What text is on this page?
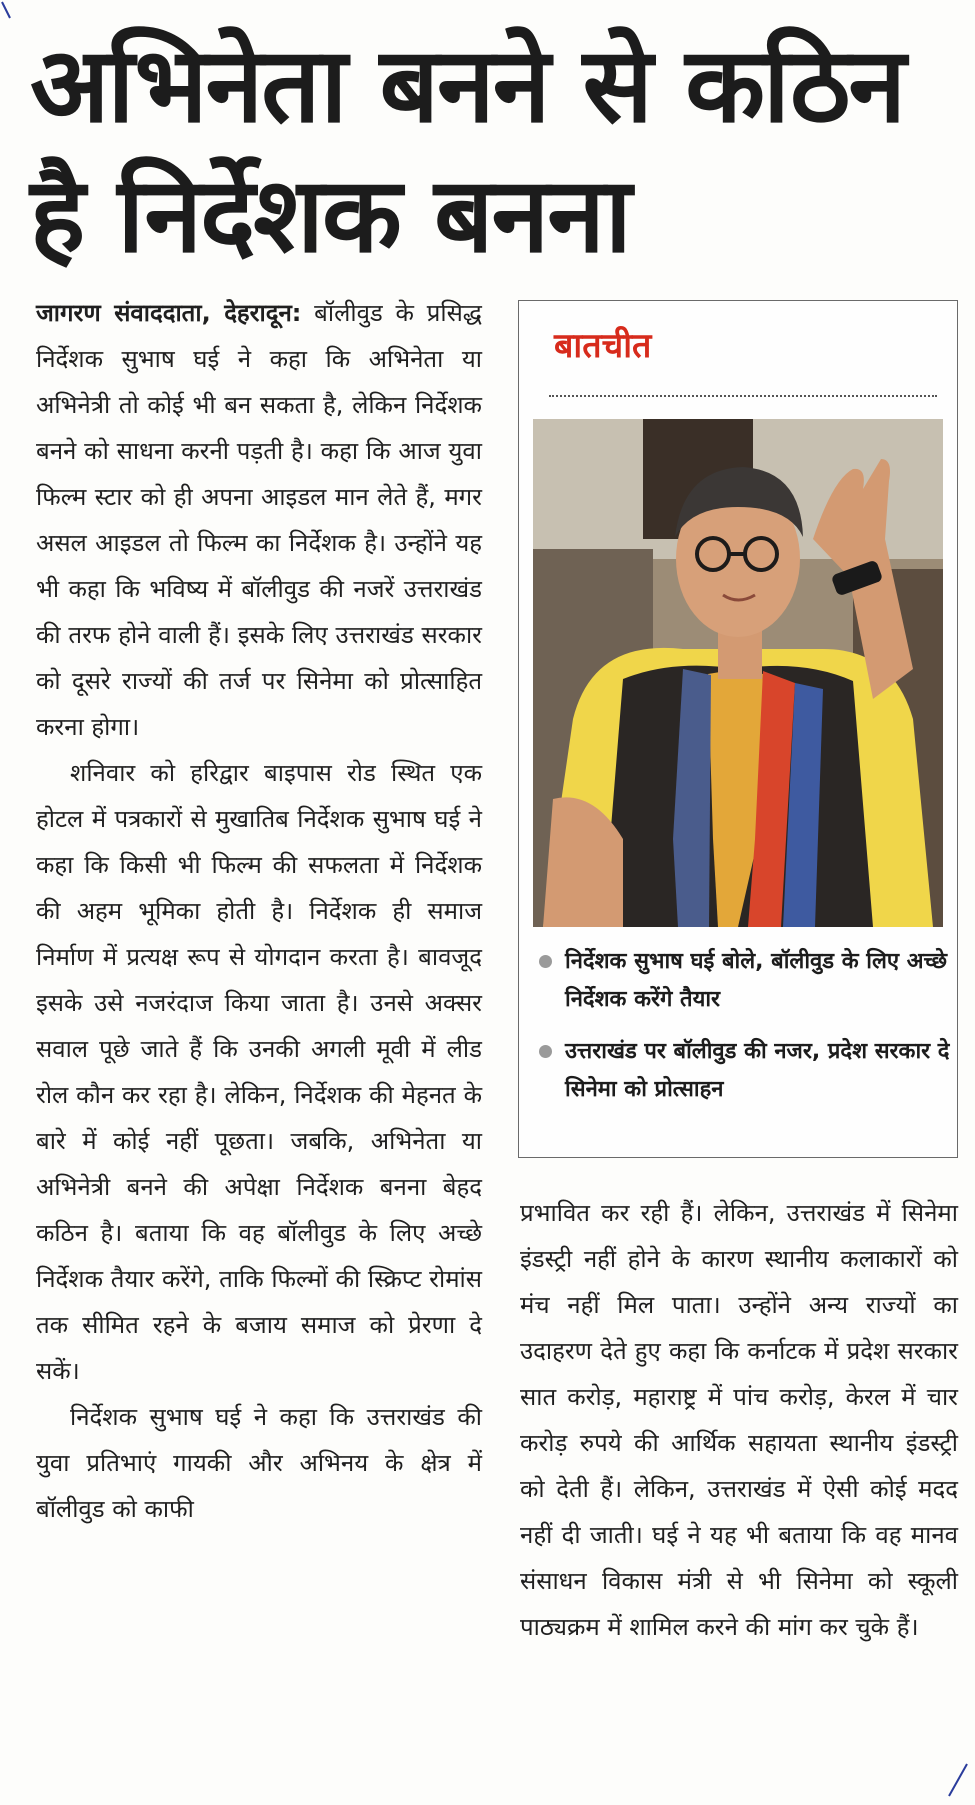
अभिनेता बनने से कठिन
है निर्देशक बनना

जागरण संवाददाता, देहरादून: बॉलीवुड के प्रसिद्ध निर्देशक सुभाष घई ने कहा कि अभिनेता या अभिनेत्री तो कोई भी बन सकता है, लेकिन निर्देशक बनने को साधना करनी पड़ती है। कहा कि आज युवा फिल्म स्टार को ही अपना आइडल मान लेते हैं, मगर असल आइडल तो फिल्म का निर्देशक है। उन्होंने यह भी कहा कि भविष्य में बॉलीवुड की नजरें उत्तराखंड की तरफ होने वाली हैं। इसके लिए उत्तराखंड सरकार को दूसरे राज्यों की तर्ज पर सिनेमा को प्रोत्साहित करना होगा।

शनिवार को हरिद्वार बाइपास रोड स्थित एक होटल में पत्रकारों से मुखातिब निर्देशक सुभाष घई ने कहा कि किसी भी फिल्म की सफलता में निर्देशक की अहम भूमिका होती है। निर्देशक ही समाज निर्माण में प्रत्यक्ष रूप से योगदान करता है। बावजूद इसके उसे नजरंदाज किया जाता है। उनसे अक्सर सवाल पूछे जाते हैं कि उनकी अगली मूवी में लीड रोल कौन कर रहा है। लेकिन, निर्देशक की मेहनत के बारे में कोई नहीं पूछता। जबकि, अभिनेता या अभिनेत्री बनने की अपेक्षा निर्देशक बनना बेहद कठिन है। बताया कि वह बॉलीवुड के लिए अच्छे निर्देशक तैयार करेंगे, ताकि फिल्मों की स्क्रिप्ट रोमांस तक सीमित रहने के बजाय समाज को प्रेरणा दे सकें।

निर्देशक सुभाष घई ने कहा कि उत्तराखंड की युवा प्रतिभाएं गायकी और अभिनय के क्षेत्र में बॉलीवुड को काफी

बातचीत
निर्देशक सुभाष घई बोले, बॉलीवुड के लिए अच्छे निर्देशक करेंगे तैयार
उत्तराखंड पर बॉलीवुड की नजर, प्रदेश सरकार दे सिनेमा को प्रोत्साहन

प्रभावित कर रही हैं। लेकिन, उत्तराखंड में सिनेमा इंडस्ट्री नहीं होने के कारण स्थानीय कलाकारों को मंच नहीं मिल पाता। उन्होंने अन्य राज्यों का उदाहरण देते हुए कहा कि कर्नाटक में प्रदेश सरकार सात करोड़, महाराष्ट्र में पांच करोड़, केरल में चार करोड़ रुपये की आर्थिक सहायता स्थानीय इंडस्ट्री को देती हैं। लेकिन, उत्तराखंड में ऐसी कोई मदद नहीं दी जाती। घई ने यह भी बताया कि वह मानव संसाधन विकास मंत्री से भी सिनेमा को स्कूली पाठ्यक्रम में शामिल करने की मांग कर चुके हैं।
